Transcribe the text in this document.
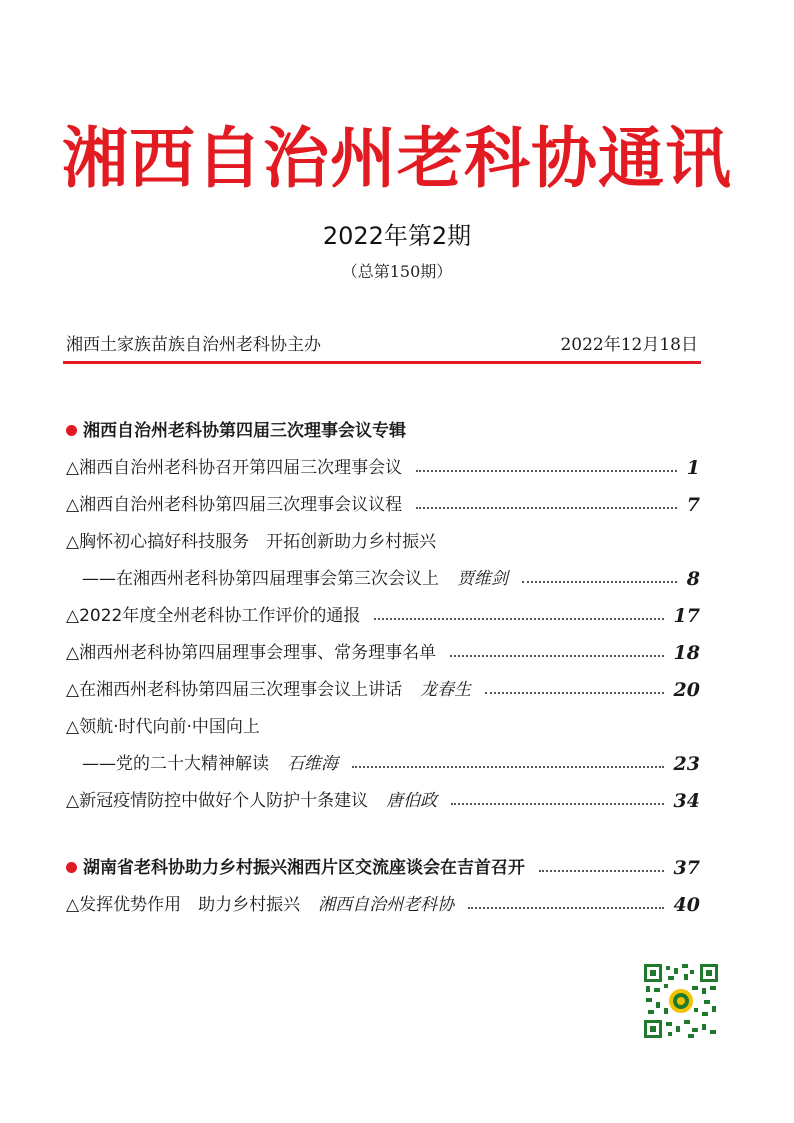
湘西自治州老科协通讯
2022年第2期
（总第150期）
湘西土家族苗族自治州老科协主办	2022年12月18日
湘西自治州老科协第四届三次理事会议专辑
△湘西自治州老科协召开第四届三次理事会议	1
△湘西自治州老科协第四届三次理事会议议程	7
△胸怀初心搞好科技服务　开拓创新助力乡村振兴
——在湘西州老科协第四届理事会第三次会议上 贾维剑	8
△2022年度全州老科协工作评价的通报	17
△湘西州老科协第四届理事会理事、常务理事名单	18
△在湘西州老科协第四届三次理事会议上讲话 龙春生	20
△领航·时代向前·中国向上
——党的二十大精神解读 石维海	23
△新冠疫情防控中做好个人防护十条建议 唐伯政	34
湖南省老科协助力乡村振兴湘西片区交流座谈会在吉首召开	37
△发挥优势作用　助力乡村振兴 湘西自治州老科协	40
